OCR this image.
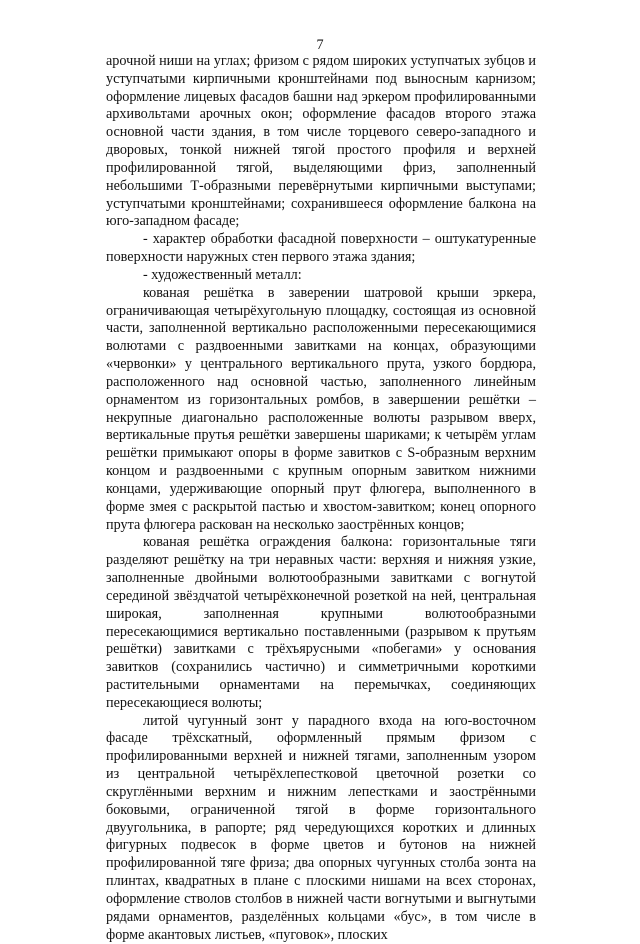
7

арочной ниши на углах; фризом с рядом широких уступчатых зубцов и уступчатыми кирпичными кронштейнами под выносным карнизом; оформление лицевых фасадов башни над эркером профилированными архивольтами арочных окон; оформление фасадов второго этажа основной части здания, в том числе торцевого северо-западного и дворовых, тонкой нижней тягой простого профиля и верхней профилированной тягой, выделяющими фриз, заполненный небольшими Т-образными перевёрнутыми кирпичными выступами; уступчатыми кронштейнами; сохранившееся оформление балкона на юго-западном фасаде;

- характер обработки фасадной поверхности – оштукатуренные поверхности наружных стен первого этажа здания;

- художественный металл:

кованая решётка в заверении шатровой крыши эркера, ограничивающая четырёхугольную площадку, состоящая из основной части, заполненной вертикально расположенными пересекающимися волютами с раздвоенными завитками на концах, образующими «червонки» у центрального вертикального прута, узкого бордюра, расположенного над основной частью, заполненного линейным орнаментом из горизонтальных ромбов, в завершении решётки – некрупные диагонально расположенные волюты разрывом вверх, вертикальные прутья решётки завершены шариками; к четырём углам решётки примыкают опоры в форме завитков с S-образным верхним концом и раздвоенными с крупным опорным завитком нижними концами, удерживающие опорный прут флюгера, выполненного в форме змея с раскрытой пастью и хвостом-завитком; конец опорного прута флюгера раскован на несколько заострённых концов;

кованая решётка ограждения балкона: горизонтальные тяги разделяют решётку на три неравных части: верхняя и нижняя узкие, заполненные двойными волютообразными завитками с вогнутой серединой звёздчатой четырёхконечной розеткой на ней, центральная широкая, заполненная крупными волютообразными пересекающимися вертикально поставленными (разрывом к прутьям решётки) завитками с трёхъярусными «побегами» у основания завитков (сохранились частично) и симметричными короткими растительными орнаментами на перемычках, соединяющих пересекающиеся волюты;

литой чугунный зонт у парадного входа на юго-восточном фасаде трёхскатный, оформленный прямым фризом с профилированными верхней и нижней тягами, заполненным узором из центральной четырёхлепестковой цветочной розетки со скруглёнными верхним и нижним лепестками и заострёнными боковыми, ограниченной тягой в форме горизонтального двуугольника, в рапорте; ряд чередующихся коротких и длинных фигурных подвесок в форме цветов и бутонов на нижней профилированной тяге фриза; два опорных чугунных столба зонта на плинтах, квадратных в плане с плоскими нишами на всех сторонах, оформление стволов столбов в нижней части вогнутыми и выгнутыми рядами орнаментов, разделённых кольцами «бус», в том числе в форме акантовых листьев, «пуговок», плоских
